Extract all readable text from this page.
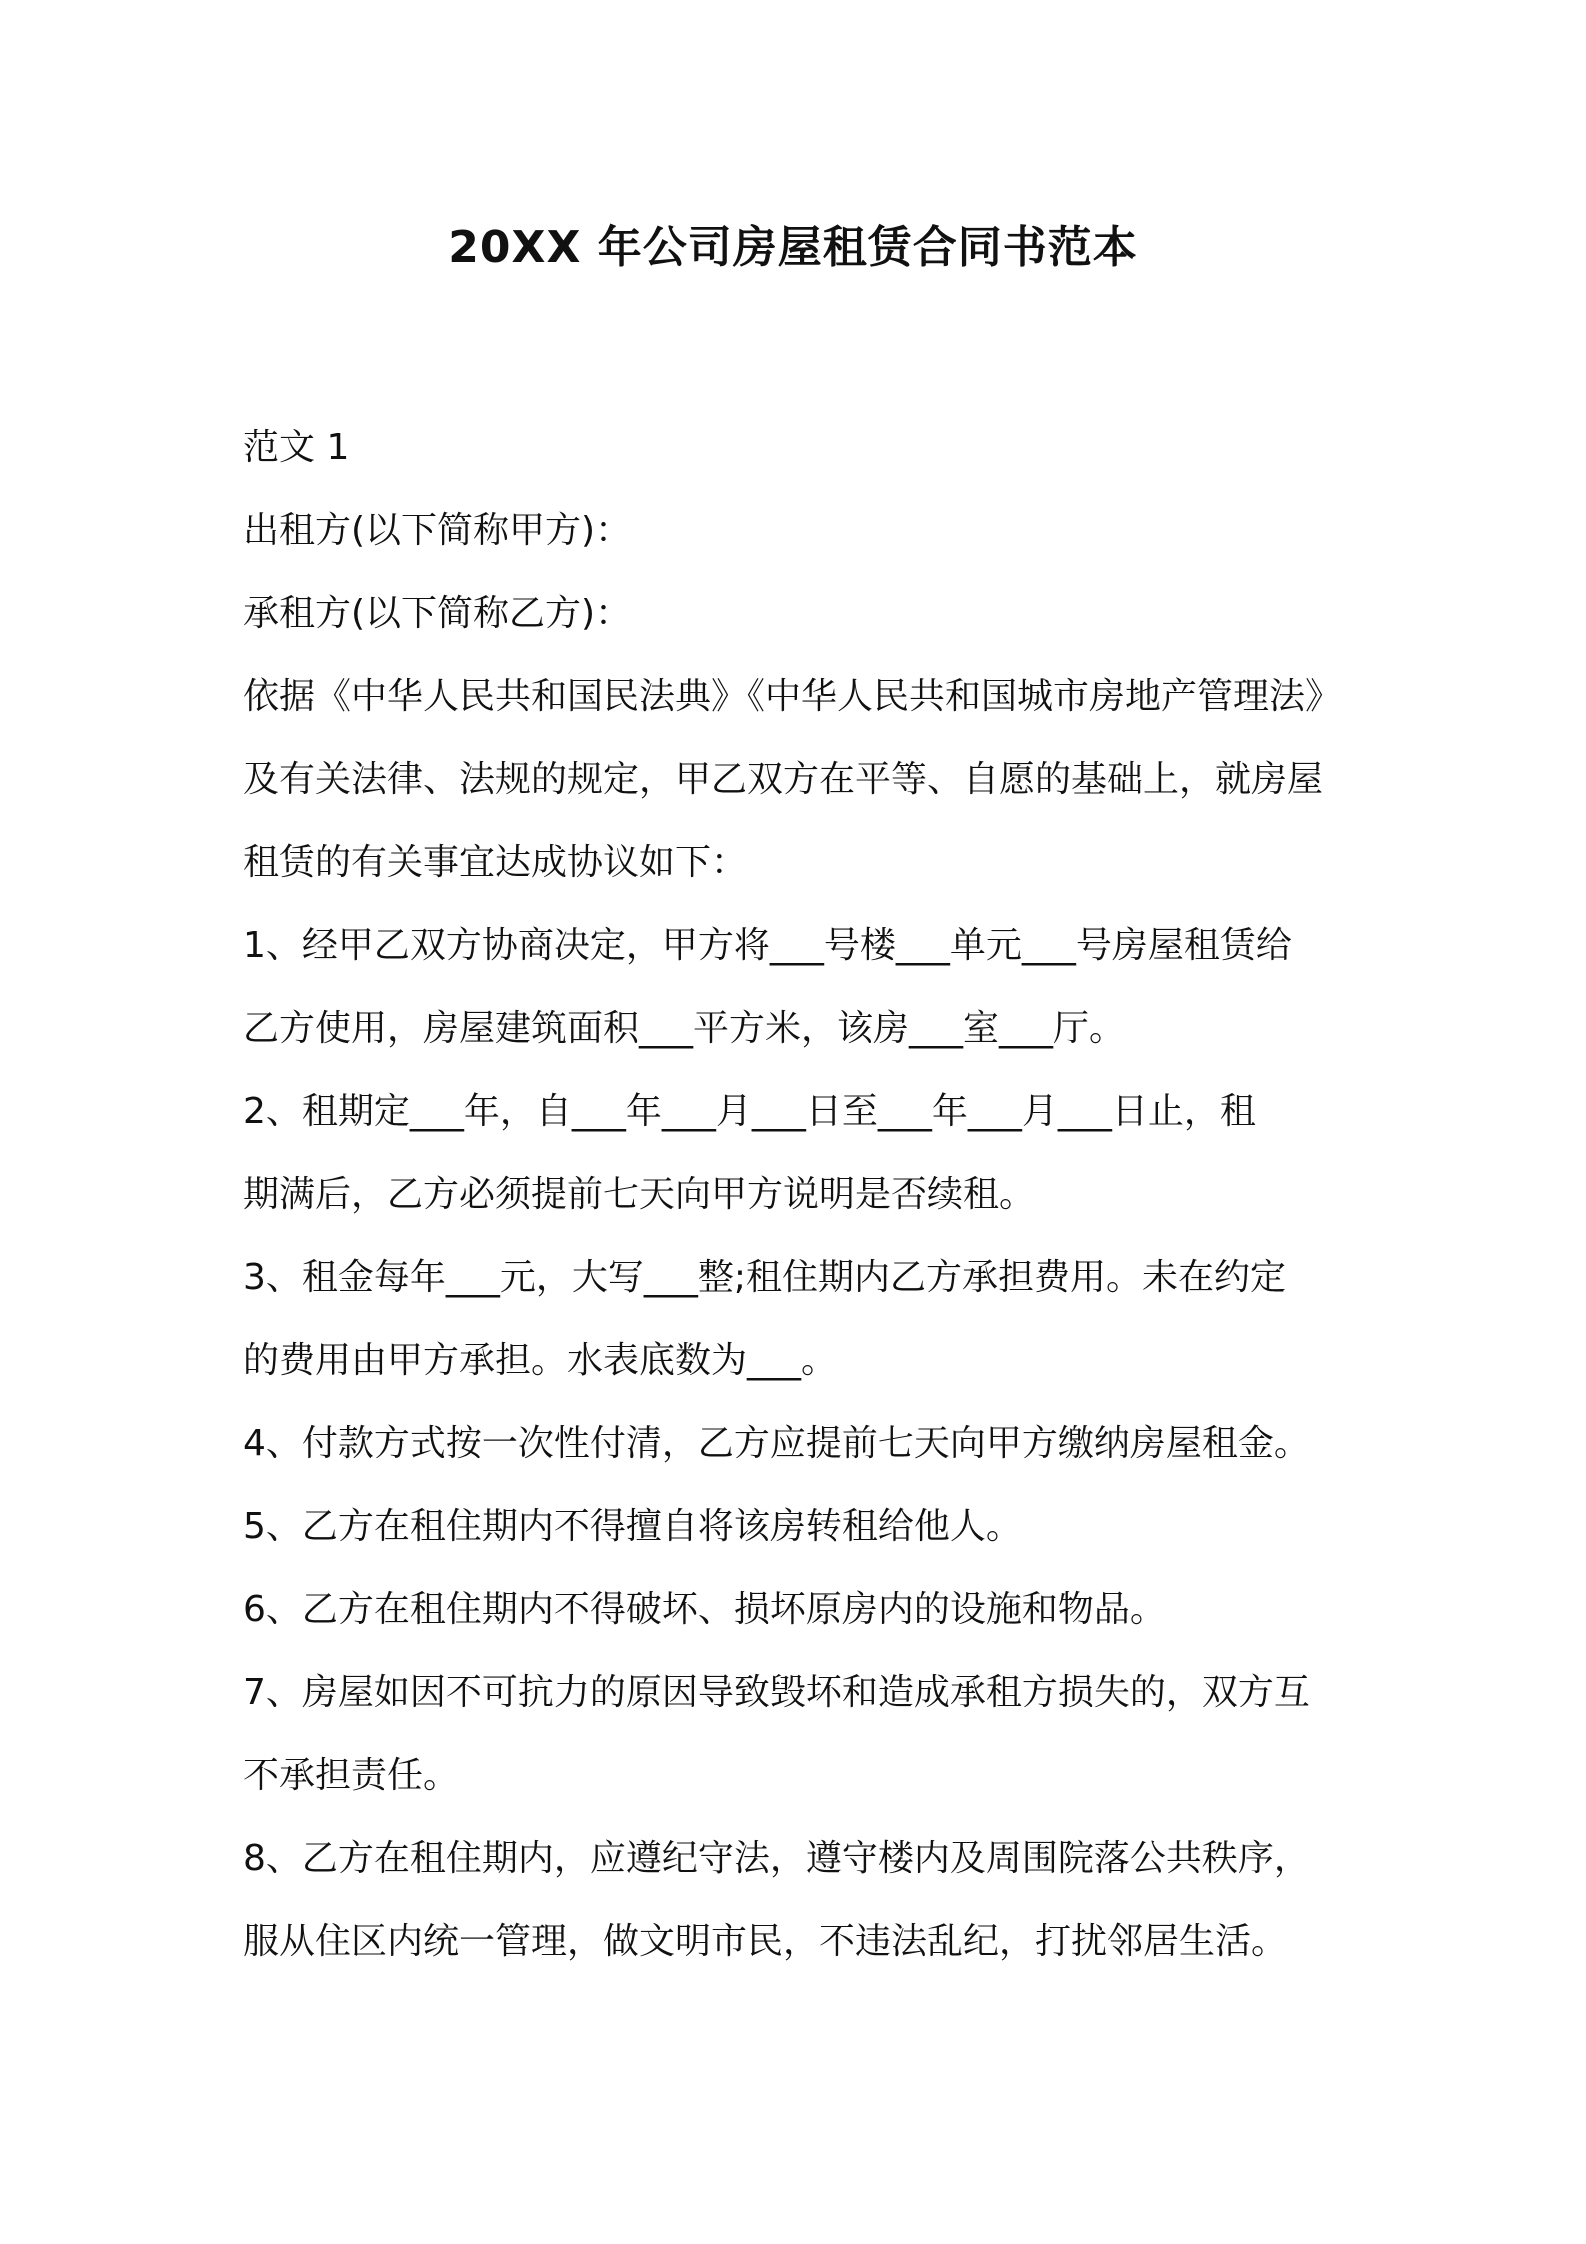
20XX 年公司房屋租赁合同书范本
范文 1
出租方(以下简称甲方)：
承租方(以下简称乙方)：
依据《中华人民共和国民法典》《中华人民共和国城市房地产管理法》
及有关法律、法规的规定，甲乙双方在平等、自愿的基础上，就房屋
租赁的有关事宜达成协议如下：
1、经甲乙双方协商决定，甲方将___号楼___单元___号房屋租赁给
乙方使用，房屋建筑面积___平方米，该房___室___厅。
2、租期定___年，自___年___月___日至___年___月___日止，租
期满后，乙方必须提前七天向甲方说明是否续租。
3、租金每年___元，大写___整;租住期内乙方承担费用。未在约定
的费用由甲方承担。水表底数为___。
4、付款方式按一次性付清，乙方应提前七天向甲方缴纳房屋租金。
5、乙方在租住期内不得擅自将该房转租给他人。
6、乙方在租住期内不得破坏、损坏原房内的设施和物品。
7、房屋如因不可抗力的原因导致毁坏和造成承租方损失的，双方互
不承担责任。
8、乙方在租住期内，应遵纪守法，遵守楼内及周围院落公共秩序，
服从住区内统一管理，做文明市民，不违法乱纪，打扰邻居生活。
